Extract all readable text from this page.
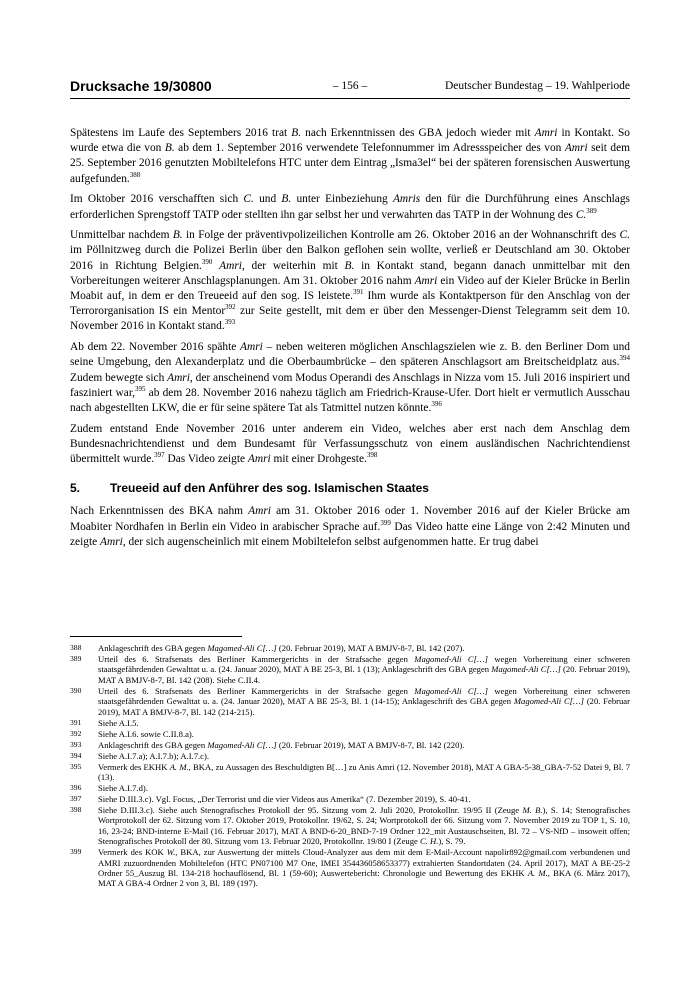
Drucksache 19/30800	– 156 –	Deutscher Bundestag – 19. Wahlperiode

Spätestens im Laufe des Septembers 2016 trat B. nach Erkenntnissen des GBA jedoch wieder mit Amri in Kontakt. So wurde etwa die von B. ab dem 1. September 2016 verwendete Telefonnummer im Adressspeicher des von Amri seit dem 25. September 2016 genutzten Mobiltelefons HTC unter dem Eintrag „Isma3el“ bei der späteren forensischen Auswertung aufgefunden.$^{388}$

Im Oktober 2016 verschafften sich C. und B. unter Einbeziehung Amris den für die Durchführung eines Anschlags erforderlichen Sprengstoff TATP oder stellten ihn gar selbst her und verwahrten das TATP in der Wohnung des C.$^{389}$

Unmittelbar nachdem B. in Folge der präventivpolizeilichen Kontrolle am 26. Oktober 2016 an der Wohnanschrift des C. im Pöllnitzweg durch die Polizei Berlin über den Balkon geflohen sein wollte, verließ er Deutschland am 30. Oktober 2016 in Richtung Belgien.$^{390}$ Amri, der weiterhin mit B. in Kontakt stand, begann danach unmittelbar mit den Vorbereitungen weiterer Anschlagsplanungen. Am 31. Oktober 2016 nahm Amri ein Video auf der Kieler Brücke in Berlin Moabit auf, in dem er den Treueeid auf den sog. IS leistete.$^{391}$ Ihm wurde als Kontaktperson für den Anschlag von der Terrororganisation IS ein Mentor$^{392}$ zur Seite gestellt, mit dem er über den Messenger-Dienst Telegramm seit dem 10. November 2016 in Kontakt stand.$^{393}$

Ab dem 22. November 2016 spähte Amri – neben weiteren möglichen Anschlagszielen wie z. B. den Berliner Dom und seine Umgebung, den Alexanderplatz und die Oberbaumbrücke – den späteren Anschlagsort am Breitscheidplatz aus.$^{394}$ Zudem bewegte sich Amri, der anscheinend vom Modus Operandi des Anschlags in Nizza vom 15. Juli 2016 inspiriert und fasziniert war,$^{395}$ ab dem 28. November 2016 nahezu täglich am Friedrich-Krause-Ufer. Dort hielt er vermutlich Ausschau nach abgestellten LKW, die er für seine spätere Tat als Tatmittel nutzen könnte.$^{396}$

Zudem entstand Ende November 2016 unter anderem ein Video, welches aber erst nach dem Anschlag dem Bundesnachrichtendienst und dem Bundesamt für Verfassungsschutz von einem ausländischen Nachrichtendienst übermittelt wurde.$^{397}$ Das Video zeigte Amri mit einer Drohgeste.$^{398}$

5. Treueeid auf den Anführer des sog. Islamischen Staates

Nach Erkenntnissen des BKA nahm Amri am 31. Oktober 2016 oder 1. November 2016 auf der Kieler Brücke am Moabiter Nordhafen in Berlin ein Video in arabischer Sprache auf.$^{399}$ Das Video hatte eine Länge von 2:42 Minuten und zeigte Amri, der sich augenscheinlich mit einem Mobiltelefon selbst aufgenommen hatte. Er trug dabei

388	Anklageschrift des GBA gegen Magomed-Ali C[…] (20. Februar 2019), MAT A BMJV-8-7, Bl. 142 (207).
389	Urteil des 6. Strafsenats des Berliner Kammergerichts in der Strafsache gegen Magomed-Ali C[…] wegen Vorbereitung einer schweren staatsgefährdenden Gewalttat u. a. (24. Januar 2020), MAT A BE 25-3, Bl. 1 (13); Anklageschrift des GBA gegen Magomed-Ali C[…] (20. Februar 2019), MAT A BMJV-8-7, Bl. 142 (208). Siehe C.II.4.
390	Urteil des 6. Strafsenats des Berliner Kammergerichts in der Strafsache gegen Magomed-Ali C[…] wegen Vorbereitung einer schweren staatsgefährdenden Gewalttat u. a. (24. Januar 2020), MAT A BE 25-3, Bl. 1 (14-15); Anklageschrift des GBA gegen Magomed-Ali C[…] (20. Februar 2019), MAT A BMJV-8-7, Bl. 142 (214-215).
391	Siehe A.I.5.
392	Siehe A.I.6. sowie C.II.8.a).
393	Anklageschrift des GBA gegen Magomed-Ali C[…] (20. Februar 2019), MAT A BMJV-8-7, Bl. 142 (220).
394	Siehe A.I.7.a); A.I.7.b); A.I.7.c).
395	Vermerk des EKHK A. M., BKA, zu Aussagen des Beschuldigten B[…] zu Anis Amri (12. November 2018), MAT A GBA-5-38_GBA-7-52 Datei 9, Bl. 7 (13).
396	Siehe A.I.7.d).
397	Siehe D.III.3.c). Vgl. Focus, „Der Terrorist und die vier Videos aus Amerika“ (7. Dezember 2019), S. 40-41.
398	Siehe D.III.3.c). Siehe auch Stenografisches Protokoll der 95. Sitzung vom 2. Juli 2020, Protokollnr. 19/95 II (Zeuge M. B.), S. 14; Stenografisches Wortprotokoll der 62. Sitzung vom 17. Oktober 2019, Protokollnr. 19/62, S. 24; Wortprotokoll der 66. Sitzung vom 7. November 2019 zu TOP 1, S. 10, 16, 23-24; BND-interne E-Mail (16. Februar 2017), MAT A BND-6-20_BND-7-19 Ordner 122_mit Austauschseiten, Bl. 72 – VS-NfD – insoweit offen; Stenografisches Protokoll der 80. Sitzung vom 13. Februar 2020, Protokollnr. 19/80 I (Zeuge C. H.), S. 79.
399	Vermerk des KOK W., BKA, zur Auswertung der mittels Cloud-Analyzer aus dem mit dem E-Mail-Account napolir892@gmail.com verbundenen und AMRI zuzuordnenden Mobiltelefon (HTC PN07100 M7 One, IMEI 354436058653377) extrahierten Standortdaten (24. April 2017), MAT A BE-25-2 Ordner 55_Auszug Bl. 134-218 hochauflösend, Bl. 1 (59-60); Auswertebericht: Chronologie und Bewertung des EKHK A. M., BKA (6. März 2017), MAT A GBA-4 Ordner 2 von 3, Bl. 189 (197).
